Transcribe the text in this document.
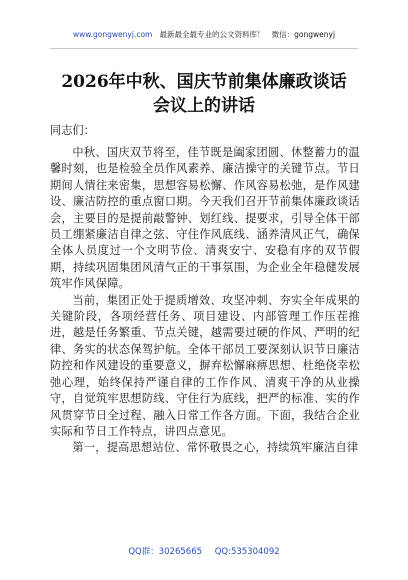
www.gongwenyj.com 最新最全最专业的公文资料库！ 微信：gongwenyj
2026年中秋、国庆节前集体廉政谈话会议上的讲话
同志们：

中秋、国庆双节将至，佳节既是阖家团圆、休整蓄力的温馨时刻，也是检验全员作风素养、廉洁操守的关键节点。节日期间人情往来密集，思想容易松懈、作风容易松弛，是作风建设、廉洁防控的重点窗口期。今天我们召开节前集体廉政谈话会，主要目的是提前敲警钟、划红线、提要求，引导全体干部员工绷紧廉洁自律之弦、守住作风底线、涵养清风正气，确保全体人员度过一个文明节俭、清爽安宁、安稳有序的双节假期，持续巩固集团风清气正的干事氛围，为企业全年稳健发展筑牢作风保障。

当前，集团正处于提质增效、攻坚冲刺、夯实全年成果的关键阶段，各项经营任务、项目建设、内部管理工作压茬推进，越是任务繁重、节点关键，越需要过硬的作风、严明的纪律、务实的状态保驾护航。全体干部员工要深刻认识节日廉洁防控和作风建设的重要意义，摒弃松懈麻痹思想、杜绝侥幸松弛心理，始终保持严谨自律的工作作风、清爽干净的从业操守，自觉筑牢思想防线、守住行为底线，把严的标准、实的作风贯穿节日全过程、融入日常工作各方面。下面，我结合企业实际和节日工作特点，讲四点意见。

第一，提高思想站位、常怀敬畏之心，持续筑牢廉洁自律

QQ群：30265665 QQ:535304092
